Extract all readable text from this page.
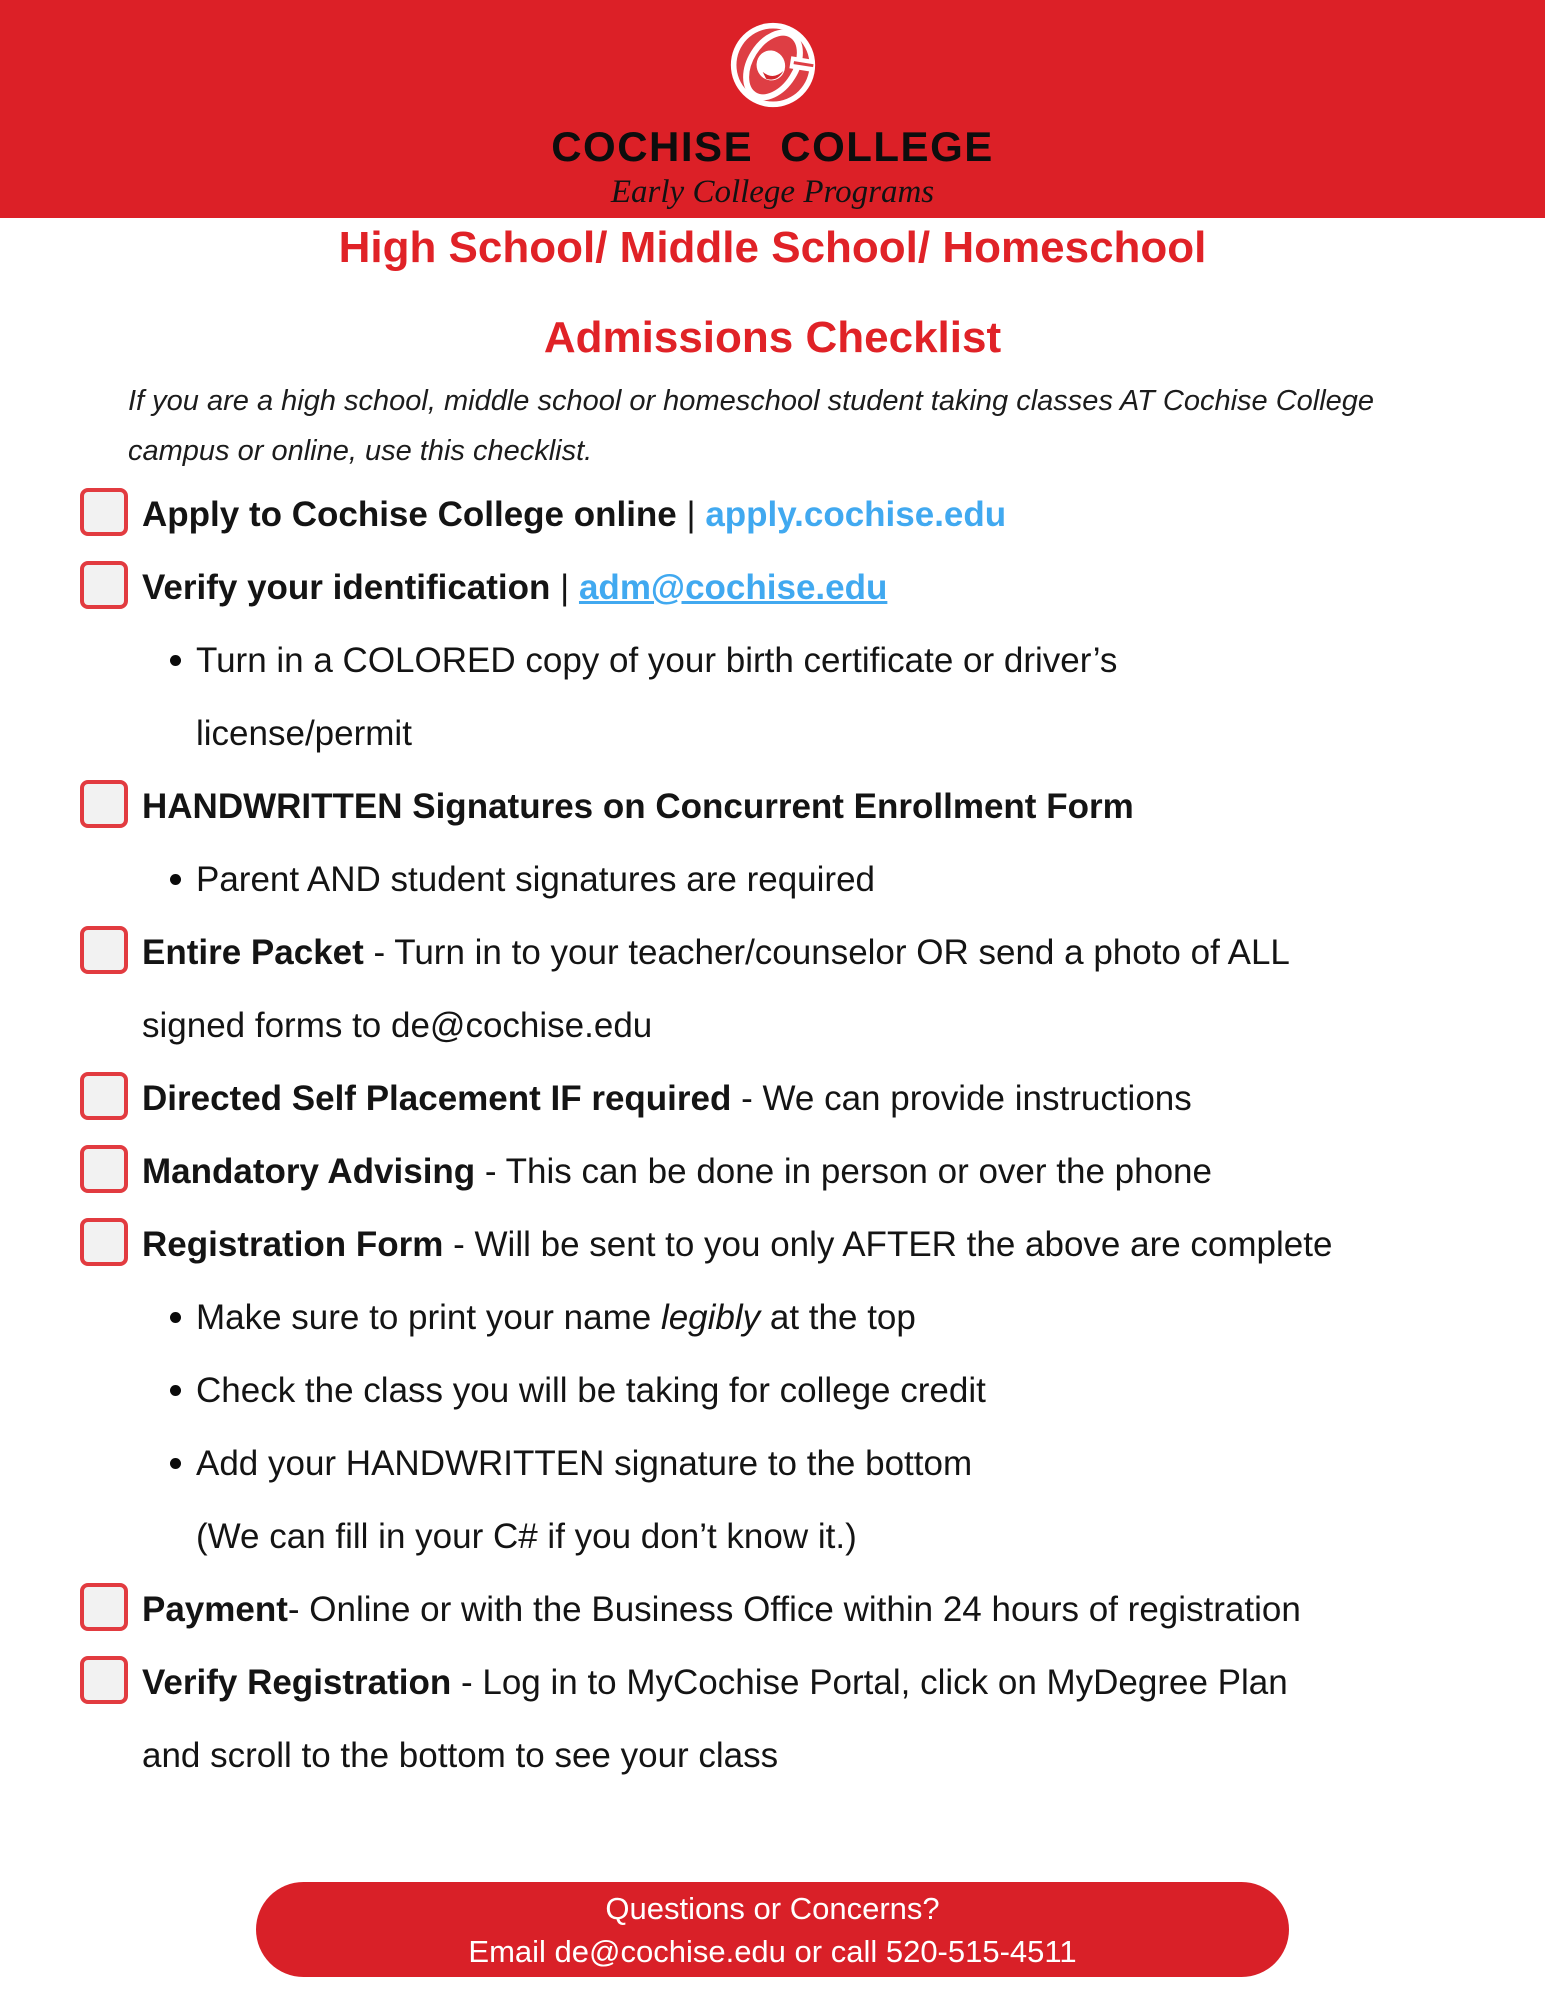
COCHISE COLLEGE
Early College Programs
High School/ Middle School/ Homeschool
Admissions Checklist

If you are a high school, middle school or homeschool student taking classes AT Cochise College
campus or online, use this checklist.

Apply to Cochise College online | apply.cochise.edu
Verify your identification | adm@cochise.edu
Turn in a COLORED copy of your birth certificate or driver’s
license/permit
HANDWRITTEN Signatures on Concurrent Enrollment Form
Parent AND student signatures are required
Entire Packet - Turn in to your teacher/counselor OR send a photo of ALL
signed forms to de@cochise.edu
Directed Self Placement IF required - We can provide instructions
Mandatory Advising - This can be done in person or over the phone
Registration Form - Will be sent to you only AFTER the above are complete
Make sure to print your name legibly at the top
Check the class you will be taking for college credit
Add your HANDWRITTEN signature to the bottom
(We can fill in your C# if you don’t know it.)
Payment- Online or with the Business Office within 24 hours of registration
Verify Registration - Log in to MyCochise Portal, click on MyDegree Plan
and scroll to the bottom to see your class
Questions or Concerns?
Email de@cochise.edu or call 520-515-4511
